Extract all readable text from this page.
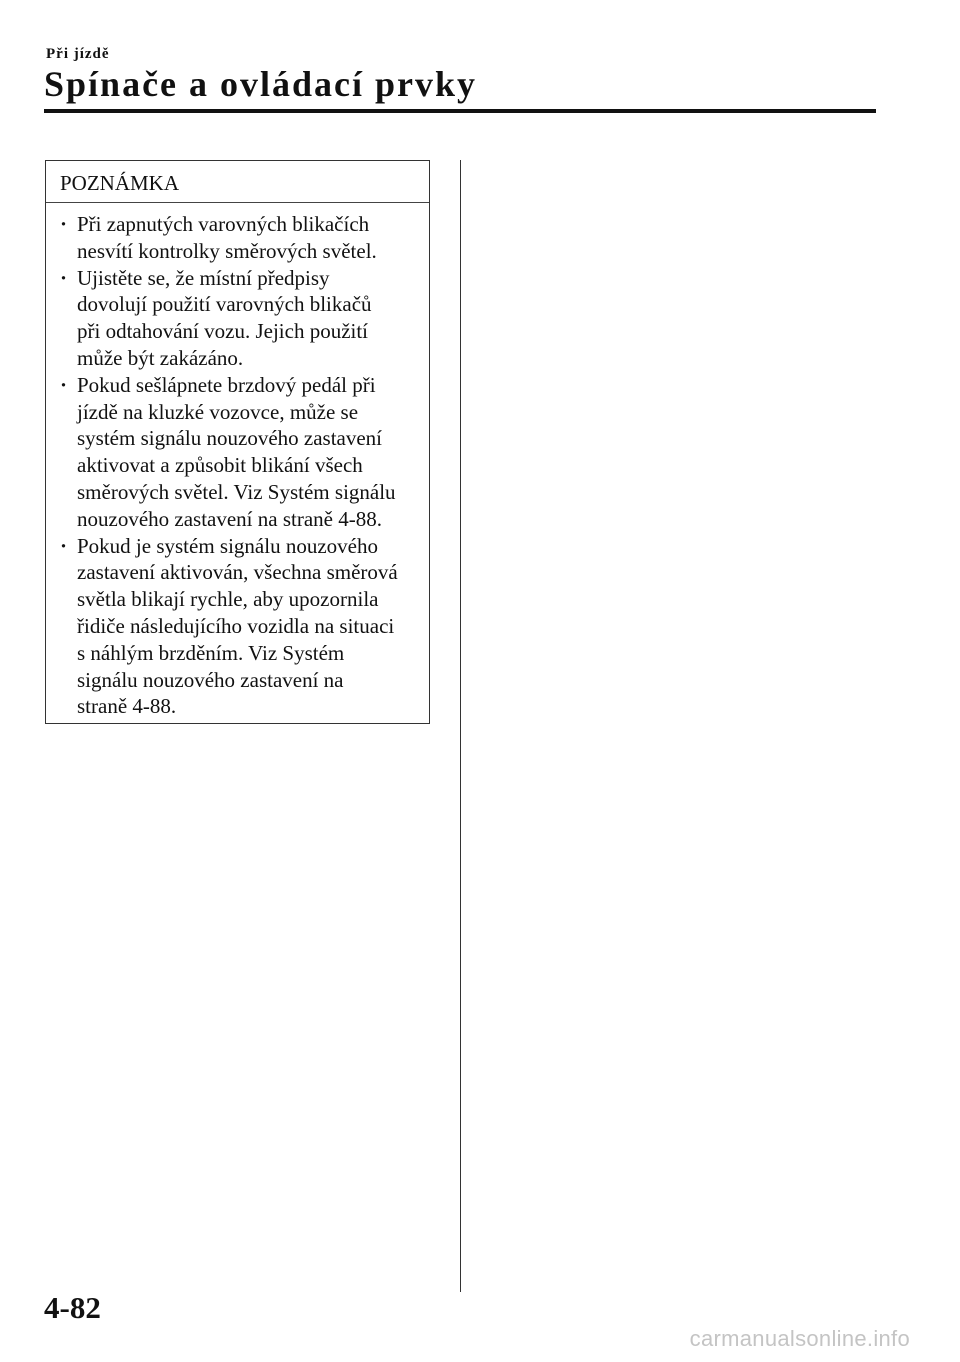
Při jízdě
Spínače a ovládací prvky
POZNÁMKA
· Při zapnutých varovných blikačích
nesvítí kontrolky směrových světel.
· Ujistěte se, že místní předpisy
dovolují použití varovných blikačů
při odtahování vozu. Jejich použití
může být zakázáno.
· Pokud sešlápnete brzdový pedál při
jízdě na kluzké vozovce, může se
systém signálu nouzového zastavení
aktivovat a způsobit blikání všech
směrových světel. Viz Systém signálu
nouzového zastavení na straně 4-88.
· Pokud je systém signálu nouzového
zastavení aktivován, všechna směrová
světla blikají rychle, aby upozornila
řidiče následujícího vozidla na situaci
s náhlým brzděním. Viz Systém
signálu nouzového zastavení na
straně 4-88.
4-82
carmanualsonline.info
